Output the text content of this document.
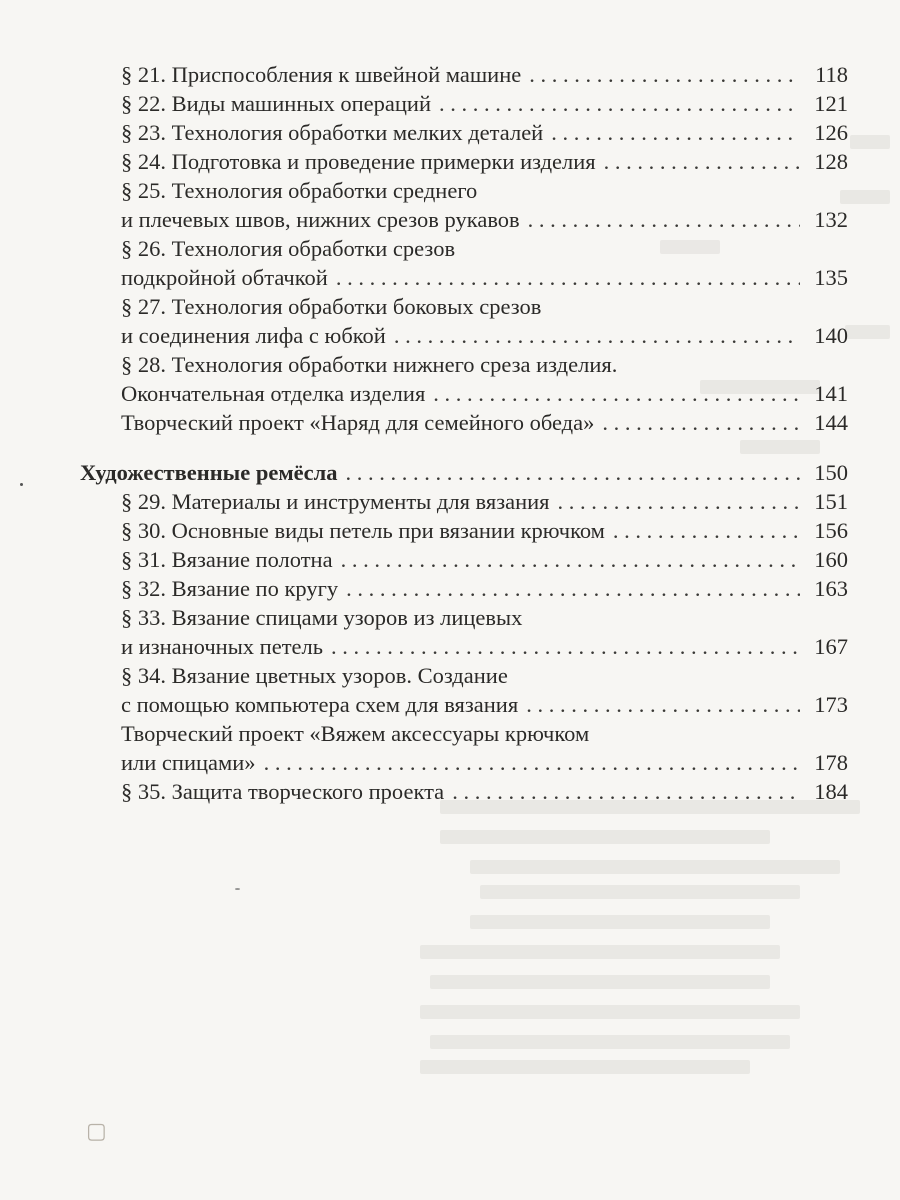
▢
§ 21. Приспособления к швейной машине . . .	118
§ 22. Виды машинных операций . . .	121
§ 23. Технология обработки мелких деталей . . .	126
§ 24. Подготовка и проведение примерки изделия . . .	128
§ 25. Технология обработки среднего
и плечевых швов, нижних срезов рукавов . . .	132
§ 26. Технология обработки срезов
подкройной обтачкой . . .	135
§ 27. Технология обработки боковых срезов
и соединения лифа с юбкой . . .	140
§ 28. Технология обработки нижнего среза изделия.
Окончательная отделка изделия . . .	141
Творческий проект «Наряд для семейного обеда» . . .	144
Художественные ремёсла . . .	150
§ 29. Материалы и инструменты для вязания . . .	151
§ 30. Основные виды петель при вязании крючком . . .	156
§ 31. Вязание полотна . . .	160
§ 32. Вязание по кругу . . .	163
§ 33. Вязание спицами узоров из лицевых
и изнаночных петель . . .	167
§ 34. Вязание цветных узоров. Создание
с помощью компьютера схем для вязания . . .	173
Творческий проект «Вяжем аксессуары крючком
или спицами» . . .	178
§ 35. Защита творческого проекта . . .	184
